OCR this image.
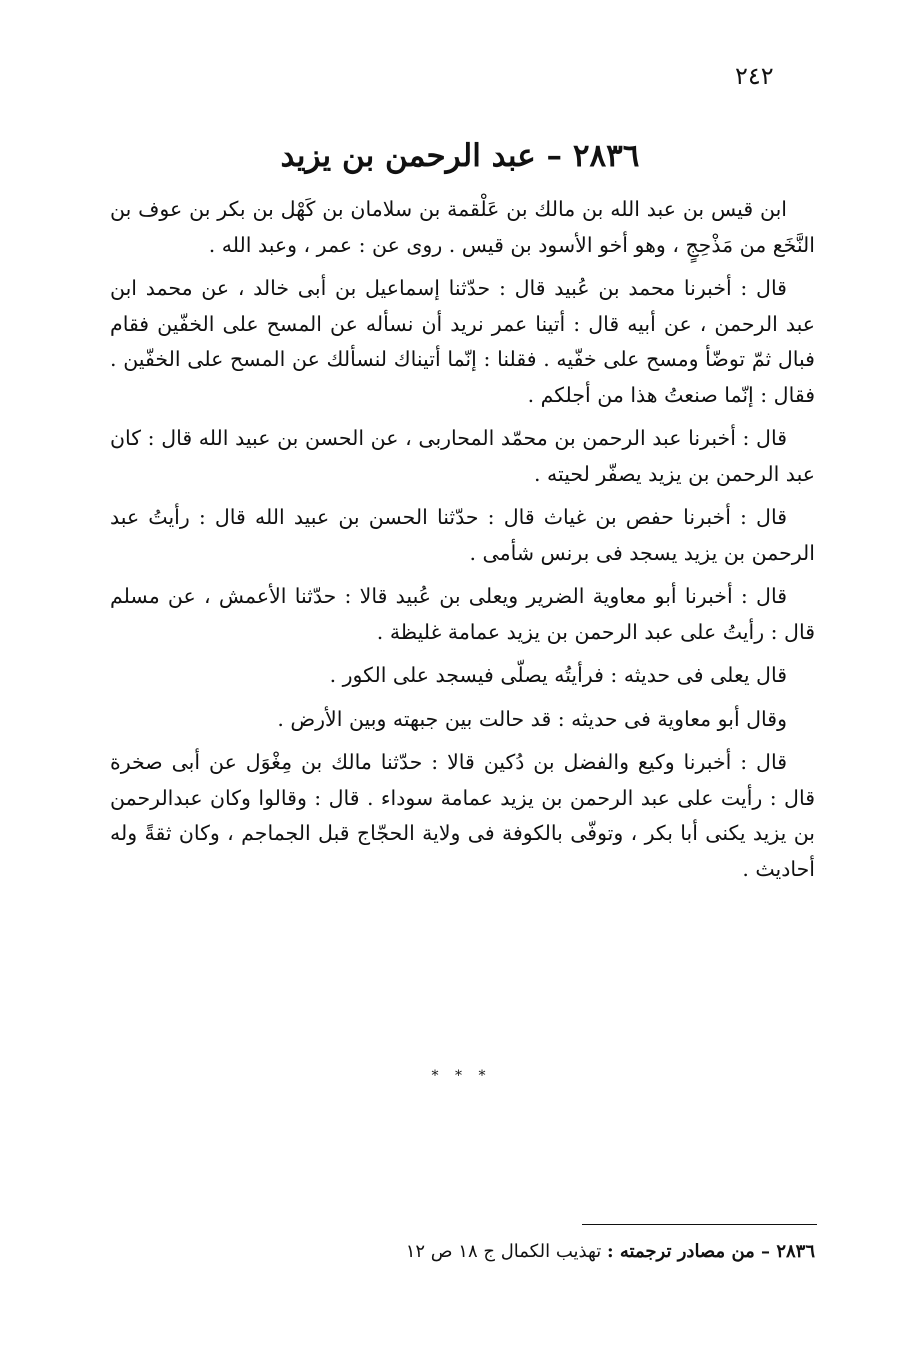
٢٤٢
٢٨٣٦ – عبد الرحمن بن يزيد

ابن قيس بن عبد الله بن مالك بن عَلْقمة بن سلامان بن كَهْل بن بكر بن عوف بن النَّخَع من مَذْحِجٍ ، وهو أخو الأسود بن قيس . روى عن : عمر ، وعبد الله .

قال : أخبرنا محمد بن عُبيد قال : حدّثنا إسماعيل بن أبى خالد ، عن محمد ابن عبد الرحمن ، عن أبيه قال : أتينا عمر نريد أن نسأله عن المسح على الخفّين فقام فبال ثمّ توضّأ ومسح على خفّيه . فقلنا : إنّما أتيناك لنسألك عن المسح على الخفّين . فقال : إنّما صنعتُ هذا من أجلكم .

قال : أخبرنا عبد الرحمن بن محمّد المحاربى ، عن الحسن بن عبيد الله قال : كان عبد الرحمن بن يزيد يصفّر لحيته .

قال : أخبرنا حفص بن غياث قال : حدّثنا الحسن بن عبيد الله قال : رأيتُ عبد الرحمن بن يزيد يسجد فى برنس شأمى .

قال : أخبرنا أبو معاوية الضرير ويعلى بن عُبيد قالا : حدّثنا الأعمش ، عن مسلم قال : رأيتُ على عبد الرحمن بن يزيد عمامة غليظة .

قال يعلى فى حديثه : فرأيتُه يصلّى فيسجد على الكور .

وقال أبو معاوية فى حديثه : قد حالت بين جبهته وبين الأرض .

قال : أخبرنا وكيع والفضل بن دُكين قالا : حدّثنا مالك بن مِغْوَل عن أبى صخرة قال : رأيت على عبد الرحمن بن يزيد عمامة سوداء . قال : وقالوا وكان عبدالرحمن بن يزيد يكنى أبا بكر ، وتوفّى بالكوفة فى ولاية الحجّاج قبل الجماجم ، وكان ثقةً وله أحاديث .

* * *
٢٨٣٦ – من مصادر ترجمته : تهذيب الكمال ج ١٨ ص ١٢
